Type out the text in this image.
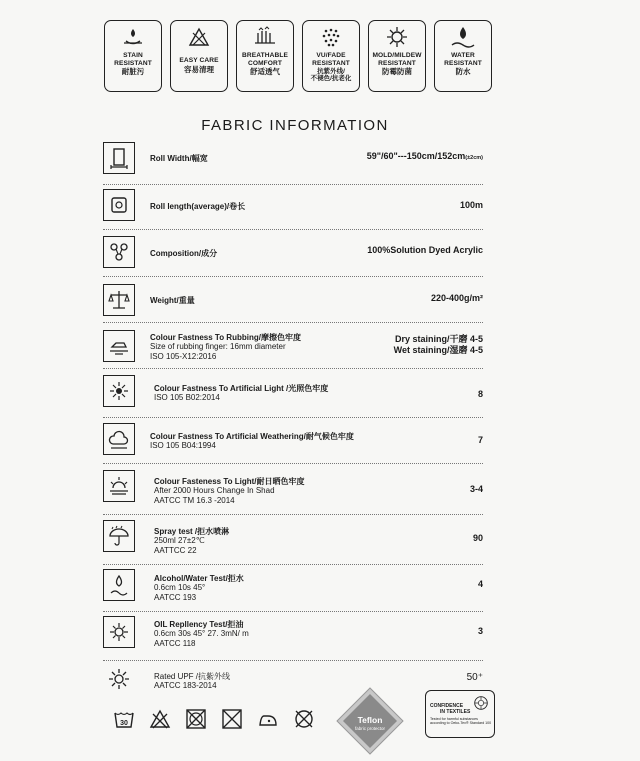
STAIN
RESISTANT
耐脏污
EASY CARE
容易清理
BREATHABLE
COMFORT
舒适透气
VU/FADE
RESISTANT
抗紫外线/
不褪色/抗老化
MOLD/MILDEW
RESISTANT
防霉防菌
WATER
RESISTANT
防水
FABRIC INFORMATION
Roll Width/幅宽	59"/60"---150cm/152cm(±2cm)
Roll length(average)/卷长	100m
Composition/成分	100%Solution Dyed Acrylic
Weight/重量	220-400g/m²
Colour Fastness To Rubbing/摩擦色牢度
Size of rubbing finger: 16mm diameter
ISO 105-X12:2016
Dry staining/干磨 4-5
Wet staining/湿磨 4-5
Colour Fastness To Artificial Light /光照色牢度
ISO 105 B02:2014	8
Colour Fastness To Artificial Weathering/耐气候色牢度
ISO 105 B04:1994
7
Colour Fasteness To Light/耐日晒色牢度
After 2000 Hours Change In Shad
AATCC TM 16.3 -2014
3-4
Spray test /拒水喷淋
250ml 27±2℃
AATTCC 22
90
Alcohol/Water Test/拒水
0.6cm 10s 45°
AATCC 193
4
OIL Repllency Test/拒油
0.6cm 30s 45° 27. 3mN/ m
AATCC 118
3
Rated UPF /抗紫外线
AATCC 183-2014
50⁺
30	Teflon
fabric protector
CONFIDENCE
IN TEXTILES
Tested for harmful substances according to Oeko-Tex® Standard 100
